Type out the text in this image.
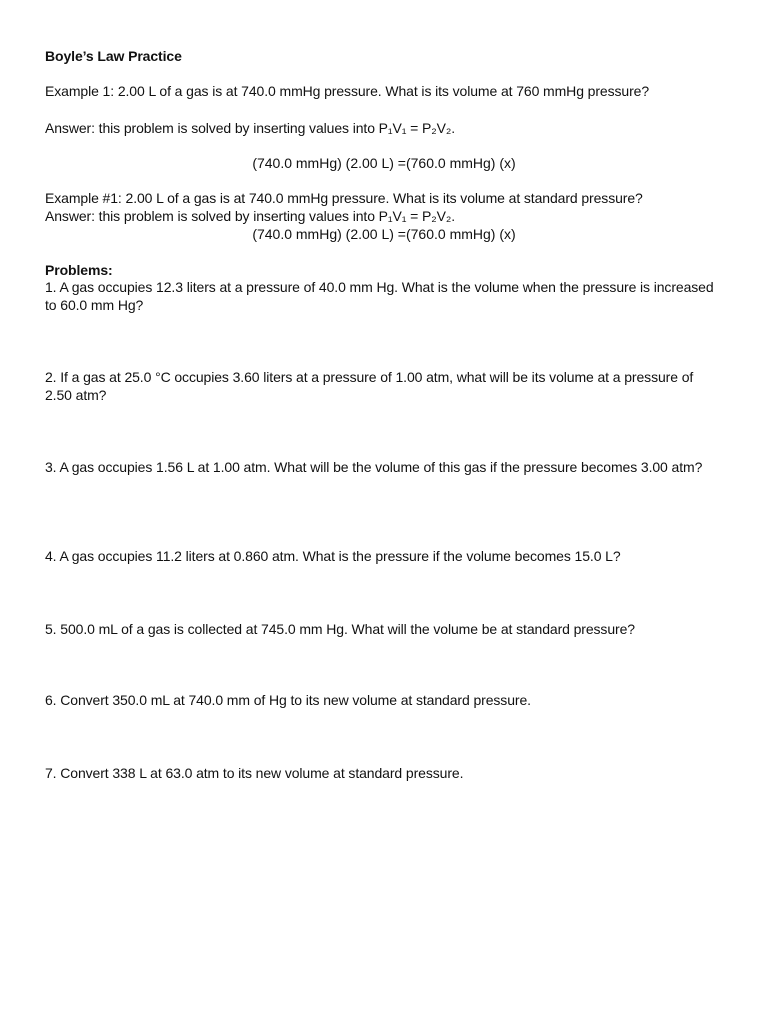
Boyle’s Law Practice
Example 1: 2.00 L of a gas is at 740.0 mmHg pressure. What is its volume at 760 mmHg pressure?
Answer: this problem is solved by inserting values into P₁V₁ = P₂V₂.
(740.0 mmHg) (2.00 L) =(760.0 mmHg) (x)
Example #1: 2.00 L of a gas is at 740.0 mmHg pressure. What is its volume at standard pressure?
Answer: this problem is solved by inserting values into P₁V₁ = P₂V₂.
(740.0 mmHg) (2.00 L) =(760.0 mmHg) (x)
Problems:
1. A gas occupies 12.3 liters at a pressure of 40.0 mm Hg. What is the volume when the pressure is increased to 60.0 mm Hg?
2. If a gas at 25.0 °C occupies 3.60 liters at a pressure of 1.00 atm, what will be its volume at a pressure of 2.50 atm?
3. A gas occupies 1.56 L at 1.00 atm. What will be the volume of this gas if the pressure becomes 3.00 atm?
4. A gas occupies 11.2 liters at 0.860 atm. What is the pressure if the volume becomes 15.0 L?
5. 500.0 mL of a gas is collected at 745.0 mm Hg. What will the volume be at standard pressure?
6. Convert 350.0 mL at 740.0 mm of Hg to its new volume at standard pressure.
7. Convert 338 L at 63.0 atm to its new volume at standard pressure.
